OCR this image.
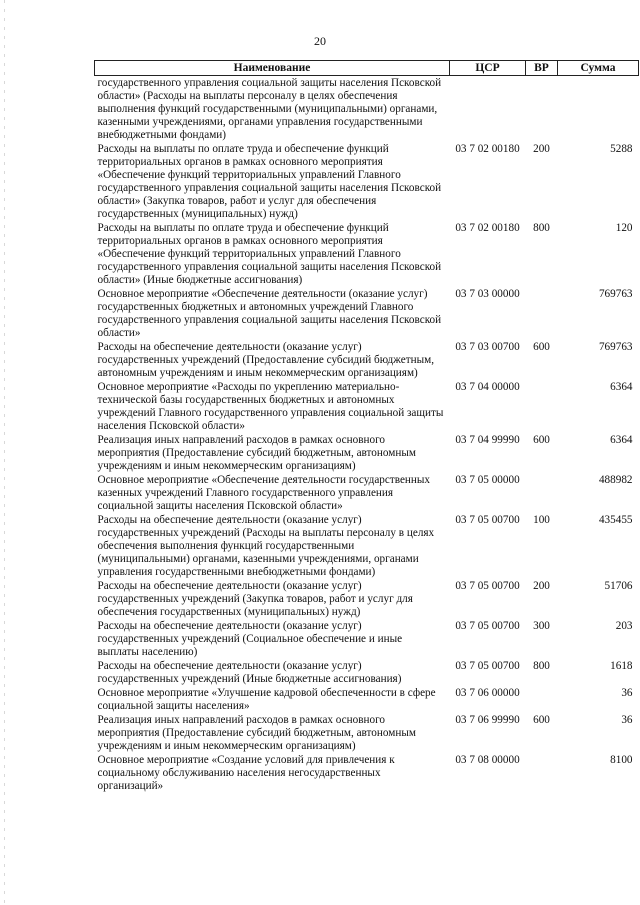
20
Наименование	ЦСР	ВР	Сумма
государственного управления социальной защиты населения Псковской области» (Расходы на выплаты персоналу в целях обеспечения выполнения функций государственными (муниципальными) органами, казенными учреждениями, органами управления государственными внебюджетными фондами)			
Расходы на выплаты по оплате труда и обеспечение функций территориальных органов в рамках основного мероприятия «Обеспечение функций территориальных управлений Главного государственного управления социальной защиты населения Псковской области» (Закупка товаров, работ и услуг для обеспечения государственных (муниципальных) нужд)	03 7 02 00180	200	5288
Расходы на выплаты по оплате труда и обеспечение функций территориальных органов в рамках основного мероприятия «Обеспечение функций территориальных управлений Главного государственного управления социальной защиты населения Псковской области» (Иные бюджетные ассигнования)	03 7 02 00180	800	120
Основное мероприятие «Обеспечение деятельности (оказание услуг) государственных бюджетных и автономных учреждений Главного государственного управления социальной защиты населения Псковской области»	03 7 03 00000		769763
Расходы на обеспечение деятельности (оказание услуг) государственных учреждений (Предоставление субсидий бюджетным, автономным учреждениям и иным некоммерческим организациям)	03 7 03 00700	600	769763
Основное мероприятие «Расходы по укреплению материально-технической базы государственных бюджетных и автономных учреждений Главного государственного управления социальной защиты населения Псковской области»	03 7 04 00000		6364
Реализация иных направлений расходов в рамках основного мероприятия (Предоставление субсидий бюджетным, автономным учреждениям и иным некоммерческим организациям)	03 7 04 99990	600	6364
Основное мероприятие «Обеспечение деятельности государственных казенных учреждений Главного государственного управления социальной защиты населения Псковской области»	03 7 05 00000		488982
Расходы на обеспечение деятельности (оказание услуг) государственных учреждений (Расходы на выплаты персоналу в целях обеспечения выполнения функций государственными (муниципальными) органами, казенными учреждениями, органами управления государственными внебюджетными фондами)	03 7 05 00700	100	435455
Расходы на обеспечение деятельности (оказание услуг) государственных учреждений (Закупка товаров, работ и услуг для обеспечения государственных (муниципальных) нужд)	03 7 05 00700	200	51706
Расходы на обеспечение деятельности (оказание услуг) государственных учреждений (Социальное обеспечение и иные выплаты населению)	03 7 05 00700	300	203
Расходы на обеспечение деятельности (оказание услуг) государственных учреждений (Иные бюджетные ассигнования)	03 7 05 00700	800	1618
Основное мероприятие «Улучшение кадровой обеспеченности в сфере социальной защиты населения»	03 7 06 00000		36
Реализация иных направлений расходов в рамках основного мероприятия (Предоставление субсидий бюджетным, автономным учреждениям и иным некоммерческим организациям)	03 7 06 99990	600	36
Основное мероприятие «Создание условий для привлечения к социальному обслуживанию населения негосударственных организаций»	03 7 08 00000		8100
